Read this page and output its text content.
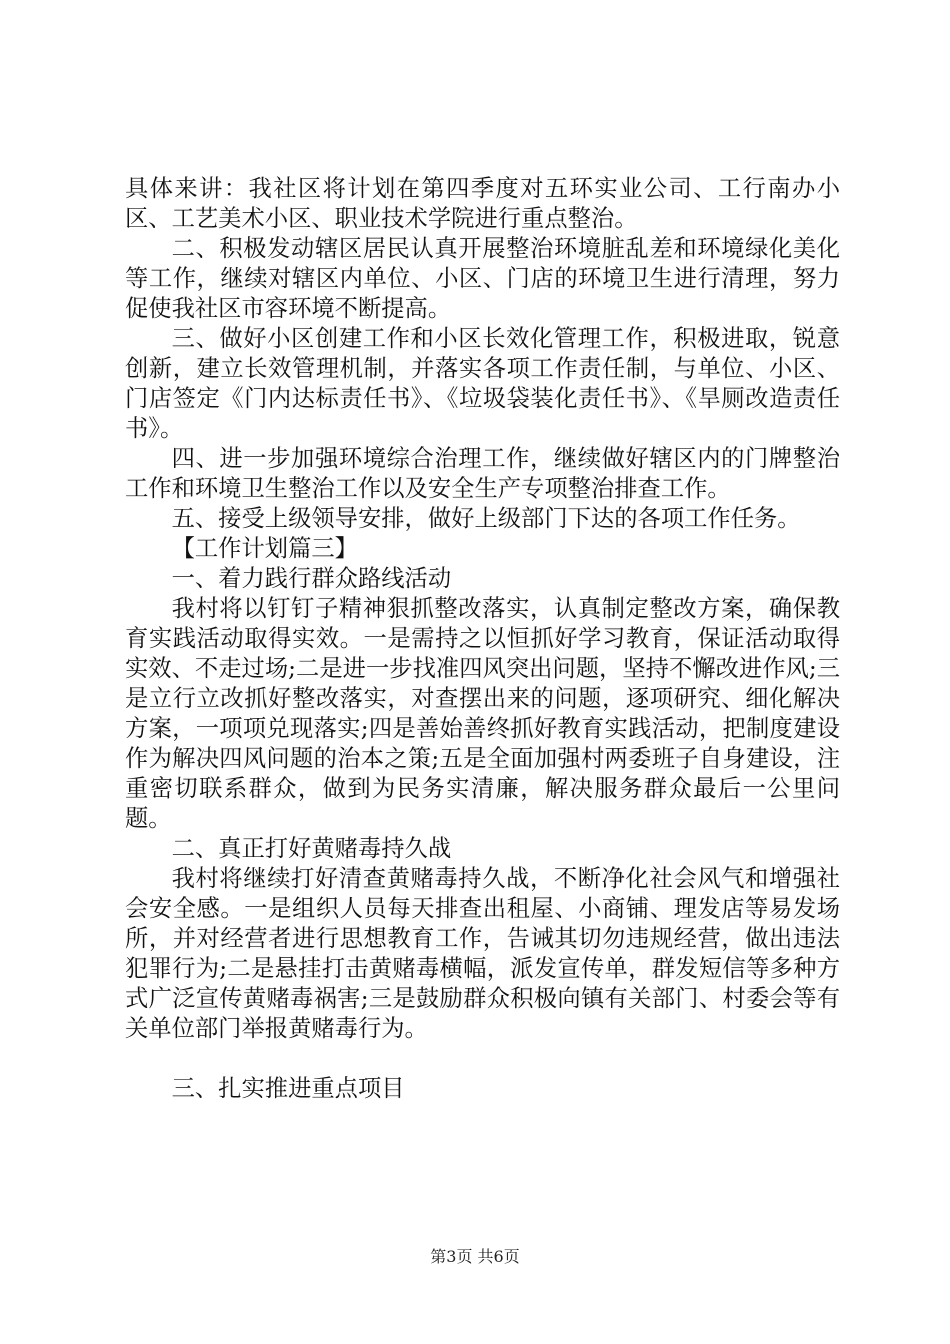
具体来讲：我社区将计划在第四季度对五环实业公司、工行南办小区、工艺美术小区、职业技术学院进行重点整治。

二、积极发动辖区居民认真开展整治环境脏乱差和环境绿化美化等工作，继续对辖区内单位、小区、门店的环境卫生进行清理，努力促使我社区市容环境不断提高。

三、做好小区创建工作和小区长效化管理工作，积极进取，锐意创新，建立长效管理机制，并落实各项工作责任制，与单位、小区、门店签定《门内达标责任书》、《垃圾袋装化责任书》、《旱厕改造责任书》。

四、进一步加强环境综合治理工作，继续做好辖区内的门牌整治工作和环境卫生整治工作以及安全生产专项整治排查工作。

五、接受上级领导安排，做好上级部门下达的各项工作任务。

【工作计划篇三】

一、着力践行群众路线活动

我村将以钉钉子精神狠抓整改落实，认真制定整改方案，确保教育实践活动取得实效。一是需持之以恒抓好学习教育，保证活动取得实效、不走过场;二是进一步找准四风突出问题，坚持不懈改进作风;三是立行立改抓好整改落实，对查摆出来的问题，逐项研究、细化解决方案，一项项兑现落实;四是善始善终抓好教育实践活动，把制度建设作为解决四风问题的治本之策;五是全面加强村两委班子自身建设，注重密切联系群众，做到为民务实清廉，解决服务群众最后一公里问题。

二、真正打好黄赌毒持久战

我村将继续打好清查黄赌毒持久战，不断净化社会风气和增强社会安全感。一是组织人员每天排查出租屋、小商铺、理发店等易发场所，并对经营者进行思想教育工作，告诫其切勿违规经营，做出违法犯罪行为;二是悬挂打击黄赌毒横幅，派发宣传单，群发短信等多种方式广泛宣传黄赌毒祸害;三是鼓励群众积极向镇有关部门、村委会等有关单位部门举报黄赌毒行为。

三、扎实推进重点项目

第3页 共6页
